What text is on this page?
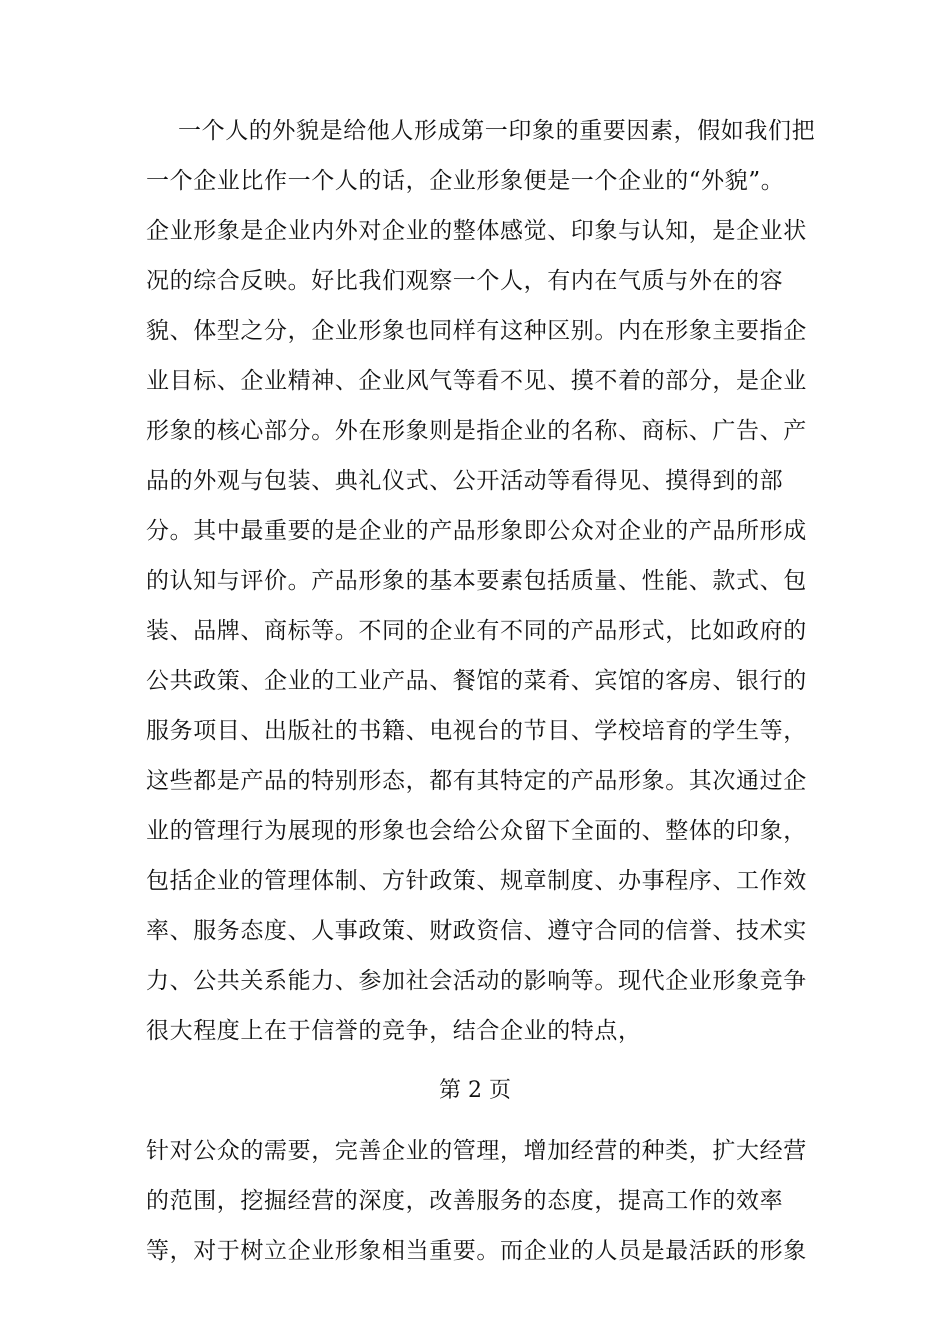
一个人的外貌是给他人形成第一印象的重要因素，假如我们把
一个企业比作一个人的话，企业形象便是一个企业的“外貌”。
企业形象是企业内外对企业的整体感觉、印象与认知，是企业状
况的综合反映。好比我们观察一个人，有内在气质与外在的容
貌、体型之分，企业形象也同样有这种区别。内在形象主要指企
业目标、企业精神、企业风气等看不见、摸不着的部分，是企业
形象的核心部分。外在形象则是指企业的名称、商标、广告、产
品的外观与包装、典礼仪式、公开活动等看得见、摸得到的部
分。其中最重要的是企业的产品形象即公众对企业的产品所形成
的认知与评价。产品形象的基本要素包括质量、性能、款式、包
装、品牌、商标等。不同的企业有不同的产品形式，比如政府的
公共政策、企业的工业产品、餐馆的菜肴、宾馆的客房、银行的
服务项目、出版社的书籍、电视台的节目、学校培育的学生等，
这些都是产品的特别形态，都有其特定的产品形象。其次通过企
业的管理行为展现的形象也会给公众留下全面的、整体的印象，
包括企业的管理体制、方针政策、规章制度、办事程序、工作效
率、服务态度、人事政策、财政资信、遵守合同的信誉、技术实
力、公共关系能力、参加社会活动的影响等。现代企业形象竞争
很大程度上在于信誉的竞争，结合企业的特点，
第 2 页
针对公众的需要，完善企业的管理，增加经营的种类，扩大经营
的范围，挖掘经营的深度，改善服务的态度，提高工作的效率
等，对于树立企业形象相当重要。而企业的人员是最活跃的形象
